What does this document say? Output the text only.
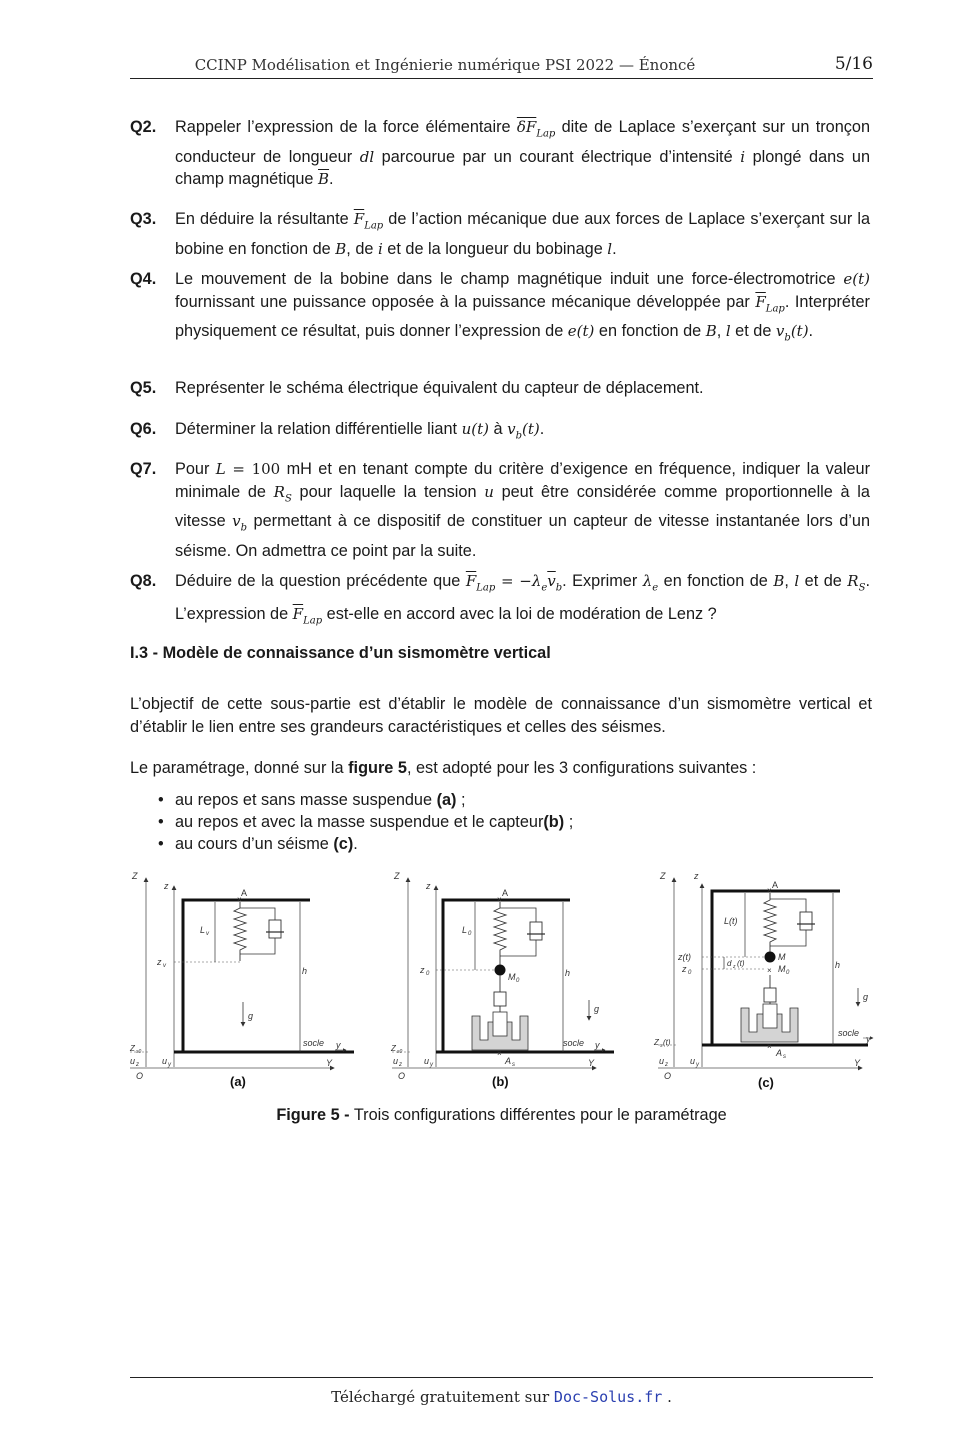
CCINP Modélisation et Ingénierie numérique PSI 2022 — Énoncé	5/16
Q2. Rappeler l’expression de la force élémentaire $\overline{\delta F}_{Lap}$ dite de Laplace s’exerçant sur un tronçon conducteur de longueur dl parcourue par un courant électrique d’intensité i plongé dans un champ magnétique $\overline{B}$.
Q3. En déduire la résultante $\overline{F}_{Lap}$ de l’action mécanique due aux forces de Laplace s’exerçant sur la bobine en fonction de B, de i et de la longueur du bobinage l.
Q4. Le mouvement de la bobine dans le champ magnétique induit une force-électromotrice e(t) fournissant une puissance opposée à la puissance mécanique développée par $\overline{F}_{Lap}$. Interpréter physiquement ce résultat, puis donner l’expression de e(t) en fonction de B, l et de $v_b(t)$.
Q5. Représenter le schéma électrique équivalent du capteur de déplacement.
Q6. Déterminer la relation différentielle liant u(t) à $v_b(t)$.
Q7. Pour L = 100 mH et en tenant compte du critère d’exigence en fréquence, indiquer la valeur minimale de $R_S$ pour laquelle la tension u peut être considérée comme proportionnelle à la vitesse $v_b$ permettant à ce dispositif de constituer un capteur de vitesse instantanée lors d’un séisme. On admettra ce point par la suite.
Q8. Déduire de la question précédente que $\overline{F}_{Lap} = -\lambda_e\overline{v}_b$. Exprimer $\lambda_e$ en fonction de B, l et de $R_S$. L’expression de $\overline{F}_{Lap}$ est-elle en accord avec la loi de modération de Lenz ?
I.3 - Modèle de connaissance d’un sismomètre vertical
L’objectif de cette sous-partie est d’établir le modèle de connaissance d’un sismomètre vertical et d’établir le lien entre ses grandeurs caractéristiques et celles des séismes.
Le paramétrage, donné sur la figure 5, est adopté pour les 3 configurations suivantes :
• au repos et sans masse suspendue (a) ;
• au repos et avec la masse suspendue et le capteur(b) ;
• au cours d’un séisme (c).
Z
z
A
×
L v
z v	h
g
socle y
Z s0
Y
u z	u y
O	(a)
Z
z
A
×
L 0
z 0	M 0
×
A s
h
g
socle y
Z s0
Y
u z u y
O	(b)
Z	z
A
×
×
M
M 0
L(t)
z(t)
z 0
d z (t)
×
A s
h
g
socle
y
Z s (t)
Y
u z u y
O	(c)
Figure 5 - Trois configurations différentes pour le paramétrage
Téléchargé gratuitement sur Doc-Solus.fr .
